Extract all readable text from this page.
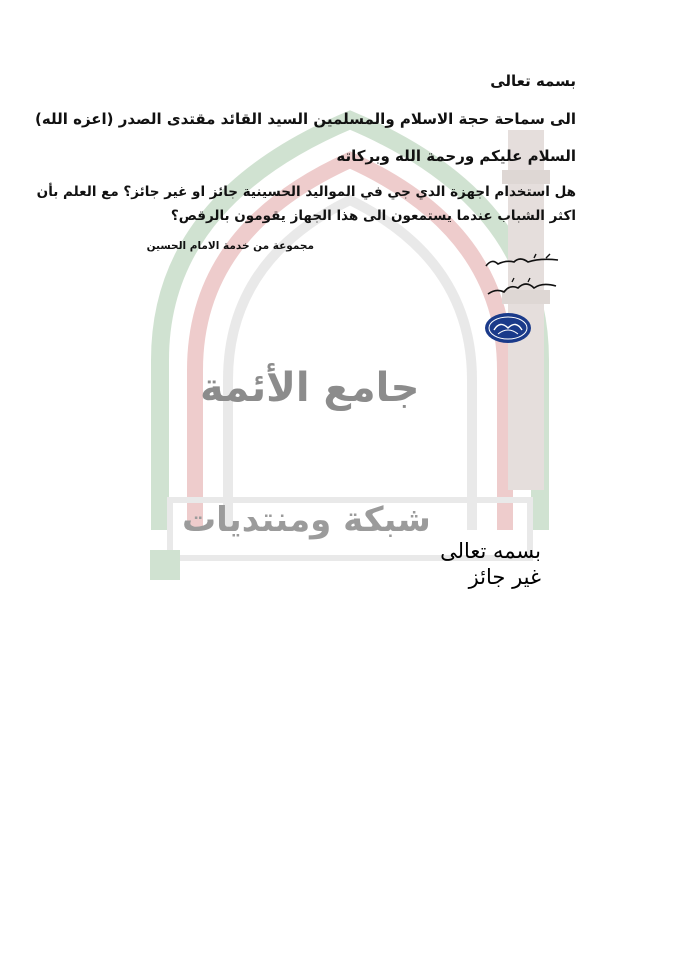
جامع الأئمة
شبكة ومنتديات
بسمه تعالى
الى سماحة حجة الاسلام والمسلمين السيد القائد مقتدى الصدر (اعزه الله)
السلام عليكم ورحمة الله وبركاته
هل استخدام اجهزة الدي جي في المواليد الحسينية جائز او غير جائز؟ مع العلم بأن
اكثر الشباب عندما يستمعون الى هذا الجهاز يقومون بالرقص؟
مجموعة من خدمة الامام الحسين
بسمه تعالى
غير جائز
